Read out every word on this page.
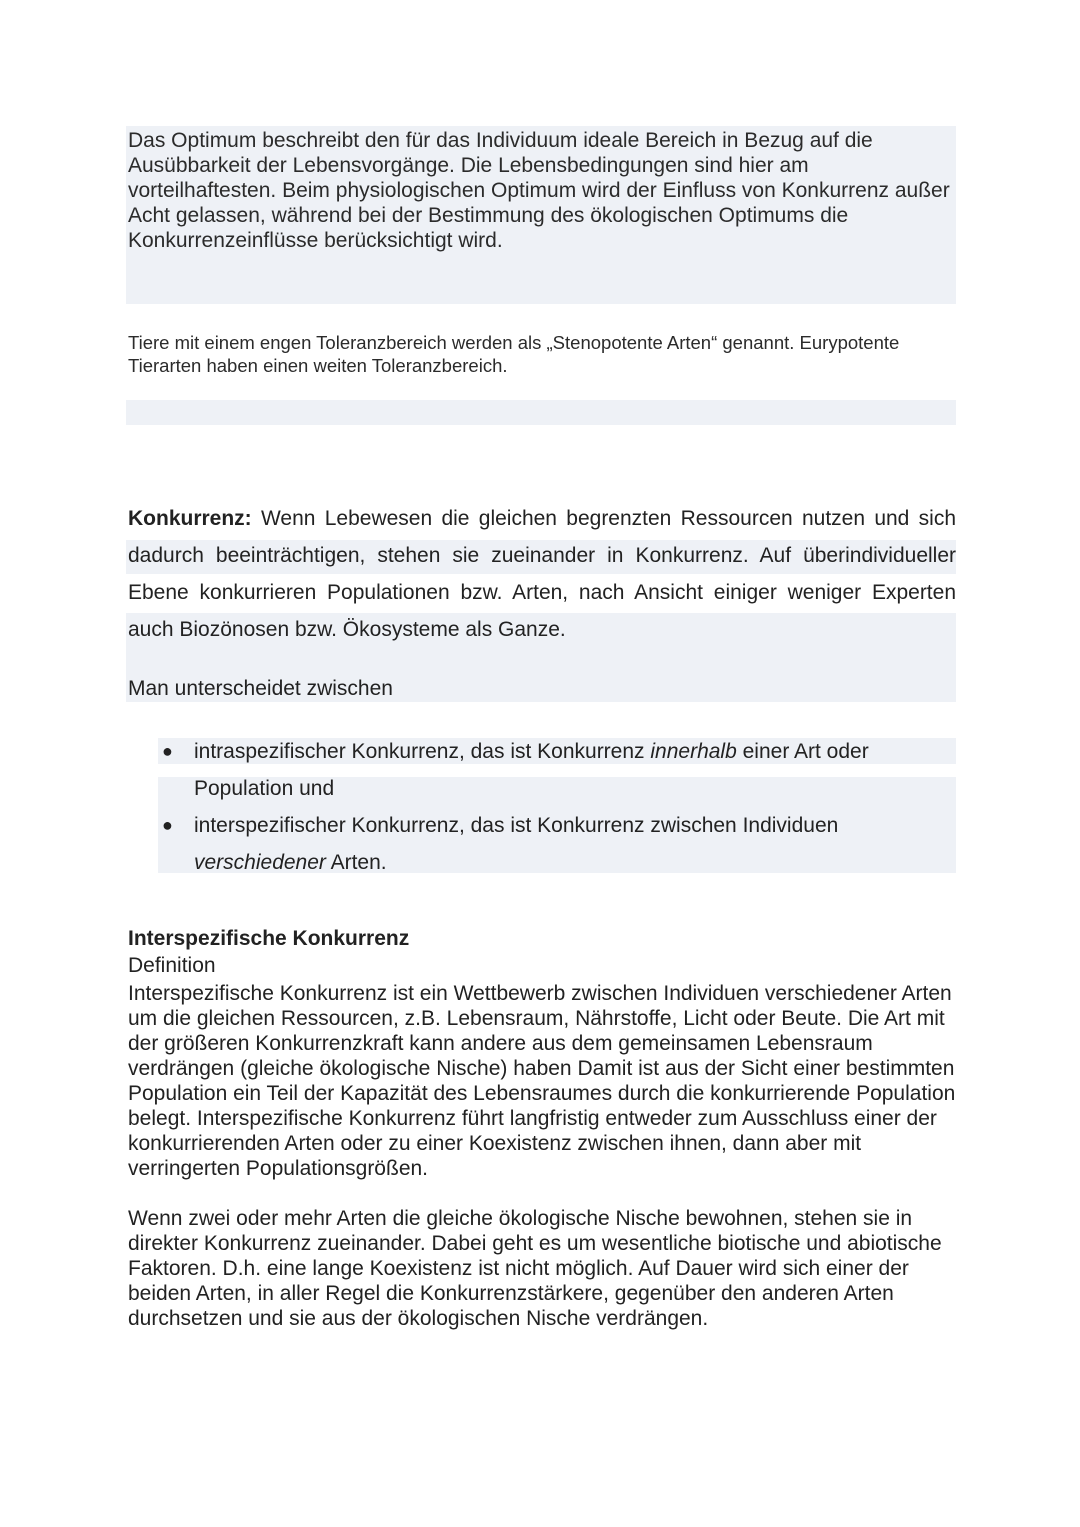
Das Optimum beschreibt den für das Individuum ideale Bereich in Bezug auf die Ausübbarkeit der Lebensvorgänge. Die Lebensbedingungen sind hier am vorteilhaftesten. Beim physiologischen Optimum wird der Einfluss von Konkurrenz außer Acht gelassen, während bei der Bestimmung des ökologischen Optimums die Konkurrenzeinflüsse berücksichtigt wird.
Tiere mit einem engen Toleranzbereich werden als „Stenopotente Arten“ genannt. Eurypotente Tierarten haben einen weiten Toleranzbereich.
Konkurrenz: Wenn Lebewesen die gleichen begrenzten Ressourcen nutzen und sich dadurch beeinträchtigen, stehen sie zueinander in Konkurrenz. Auf überindividueller Ebene konkurrieren Populationen bzw. Arten, nach Ansicht einiger weniger Experten auch Biozönosen bzw. Ökosysteme als Ganze.
Man unterscheidet zwischen
● intraspezifischer Konkurrenz, das ist Konkurrenz innerhalb einer Art oder Population und
● interspezifischer Konkurrenz, das ist Konkurrenz zwischen Individuen verschiedener Arten.
Interspezifische Konkurrenz
Definition
Interspezifische Konkurrenz ist ein Wettbewerb zwischen Individuen verschiedener Arten um die gleichen Ressourcen, z.B. Lebensraum, Nährstoffe, Licht oder Beute. Die Art mit der größeren Konkurrenzkraft kann andere aus dem gemeinsamen Lebensraum verdrängen (gleiche ökologische Nische) haben Damit ist aus der Sicht einer bestimmten Population ein Teil der Kapazität des Lebensraumes durch die konkurrierende Population belegt. Interspezifische Konkurrenz führt langfristig entweder zum Ausschluss einer der konkurrierenden Arten oder zu einer Koexistenz zwischen ihnen, dann aber mit verringerten Populationsgrößen.
Wenn zwei oder mehr Arten die gleiche ökologische Nische bewohnen, stehen sie in direkter Konkurrenz zueinander. Dabei geht es um wesentliche biotische und abiotische Faktoren. D.h. eine lange Koexistenz ist nicht möglich. Auf Dauer wird sich einer der beiden Arten, in aller Regel die Konkurrenzstärkere, gegenüber den anderen Arten durchsetzen und sie aus der ökologischen Nische verdrängen.
